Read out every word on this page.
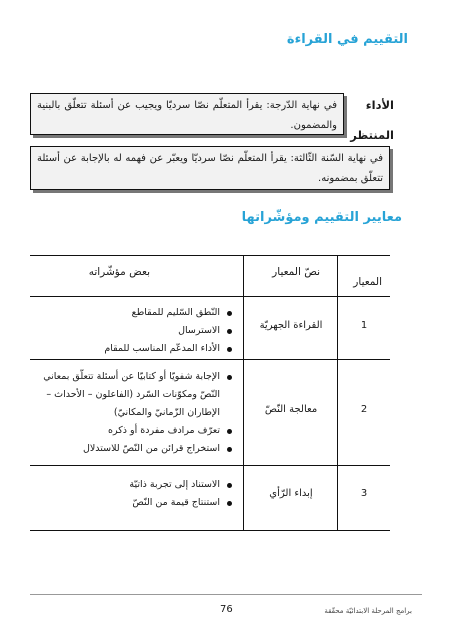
التقييم في القراءة
الأداء
المنتظر
في نهاية الدّرجة: يقرأ المتعلّم نصّا سرديّا ويجيب عن أسئلة تتعلّق بالبنية والمضمون.
في نهاية السّنة الثّالثة: يقرأ المتعلّم نصّا سرديّا ويعبّر عن فهمه له بالإجابة عن أسئلة تتعلّق بمضمونه.
معايير التقييم ومؤشّراتها
المعيار
نصّ المعيار
بعض مؤشّراته
1
القراءة الجهريّة
النّطق السّليم للمقاطع
الاسترسال
الأداء المدعّم المناسب للمقام
2
معالجة النّصّ
الإجابة شفويّا أو كتابيّا عن أسئلة تتعلّق بمعاني النّصّ ومكوّنات السّرد (الفاعلون – الأحداث – الإطاران الزّمانيّ والمكانيّ)
تعرّف مرادف مفردة أو ذكره
استخراج قرائن من النّصّ للاستدلال
3
إبداء الرّأي
الاستناد إلى تجربة ذاتيّة
استنتاج قيمة من النّصّ
76	برامج المرحلة الابتدائيّة محقّقة
